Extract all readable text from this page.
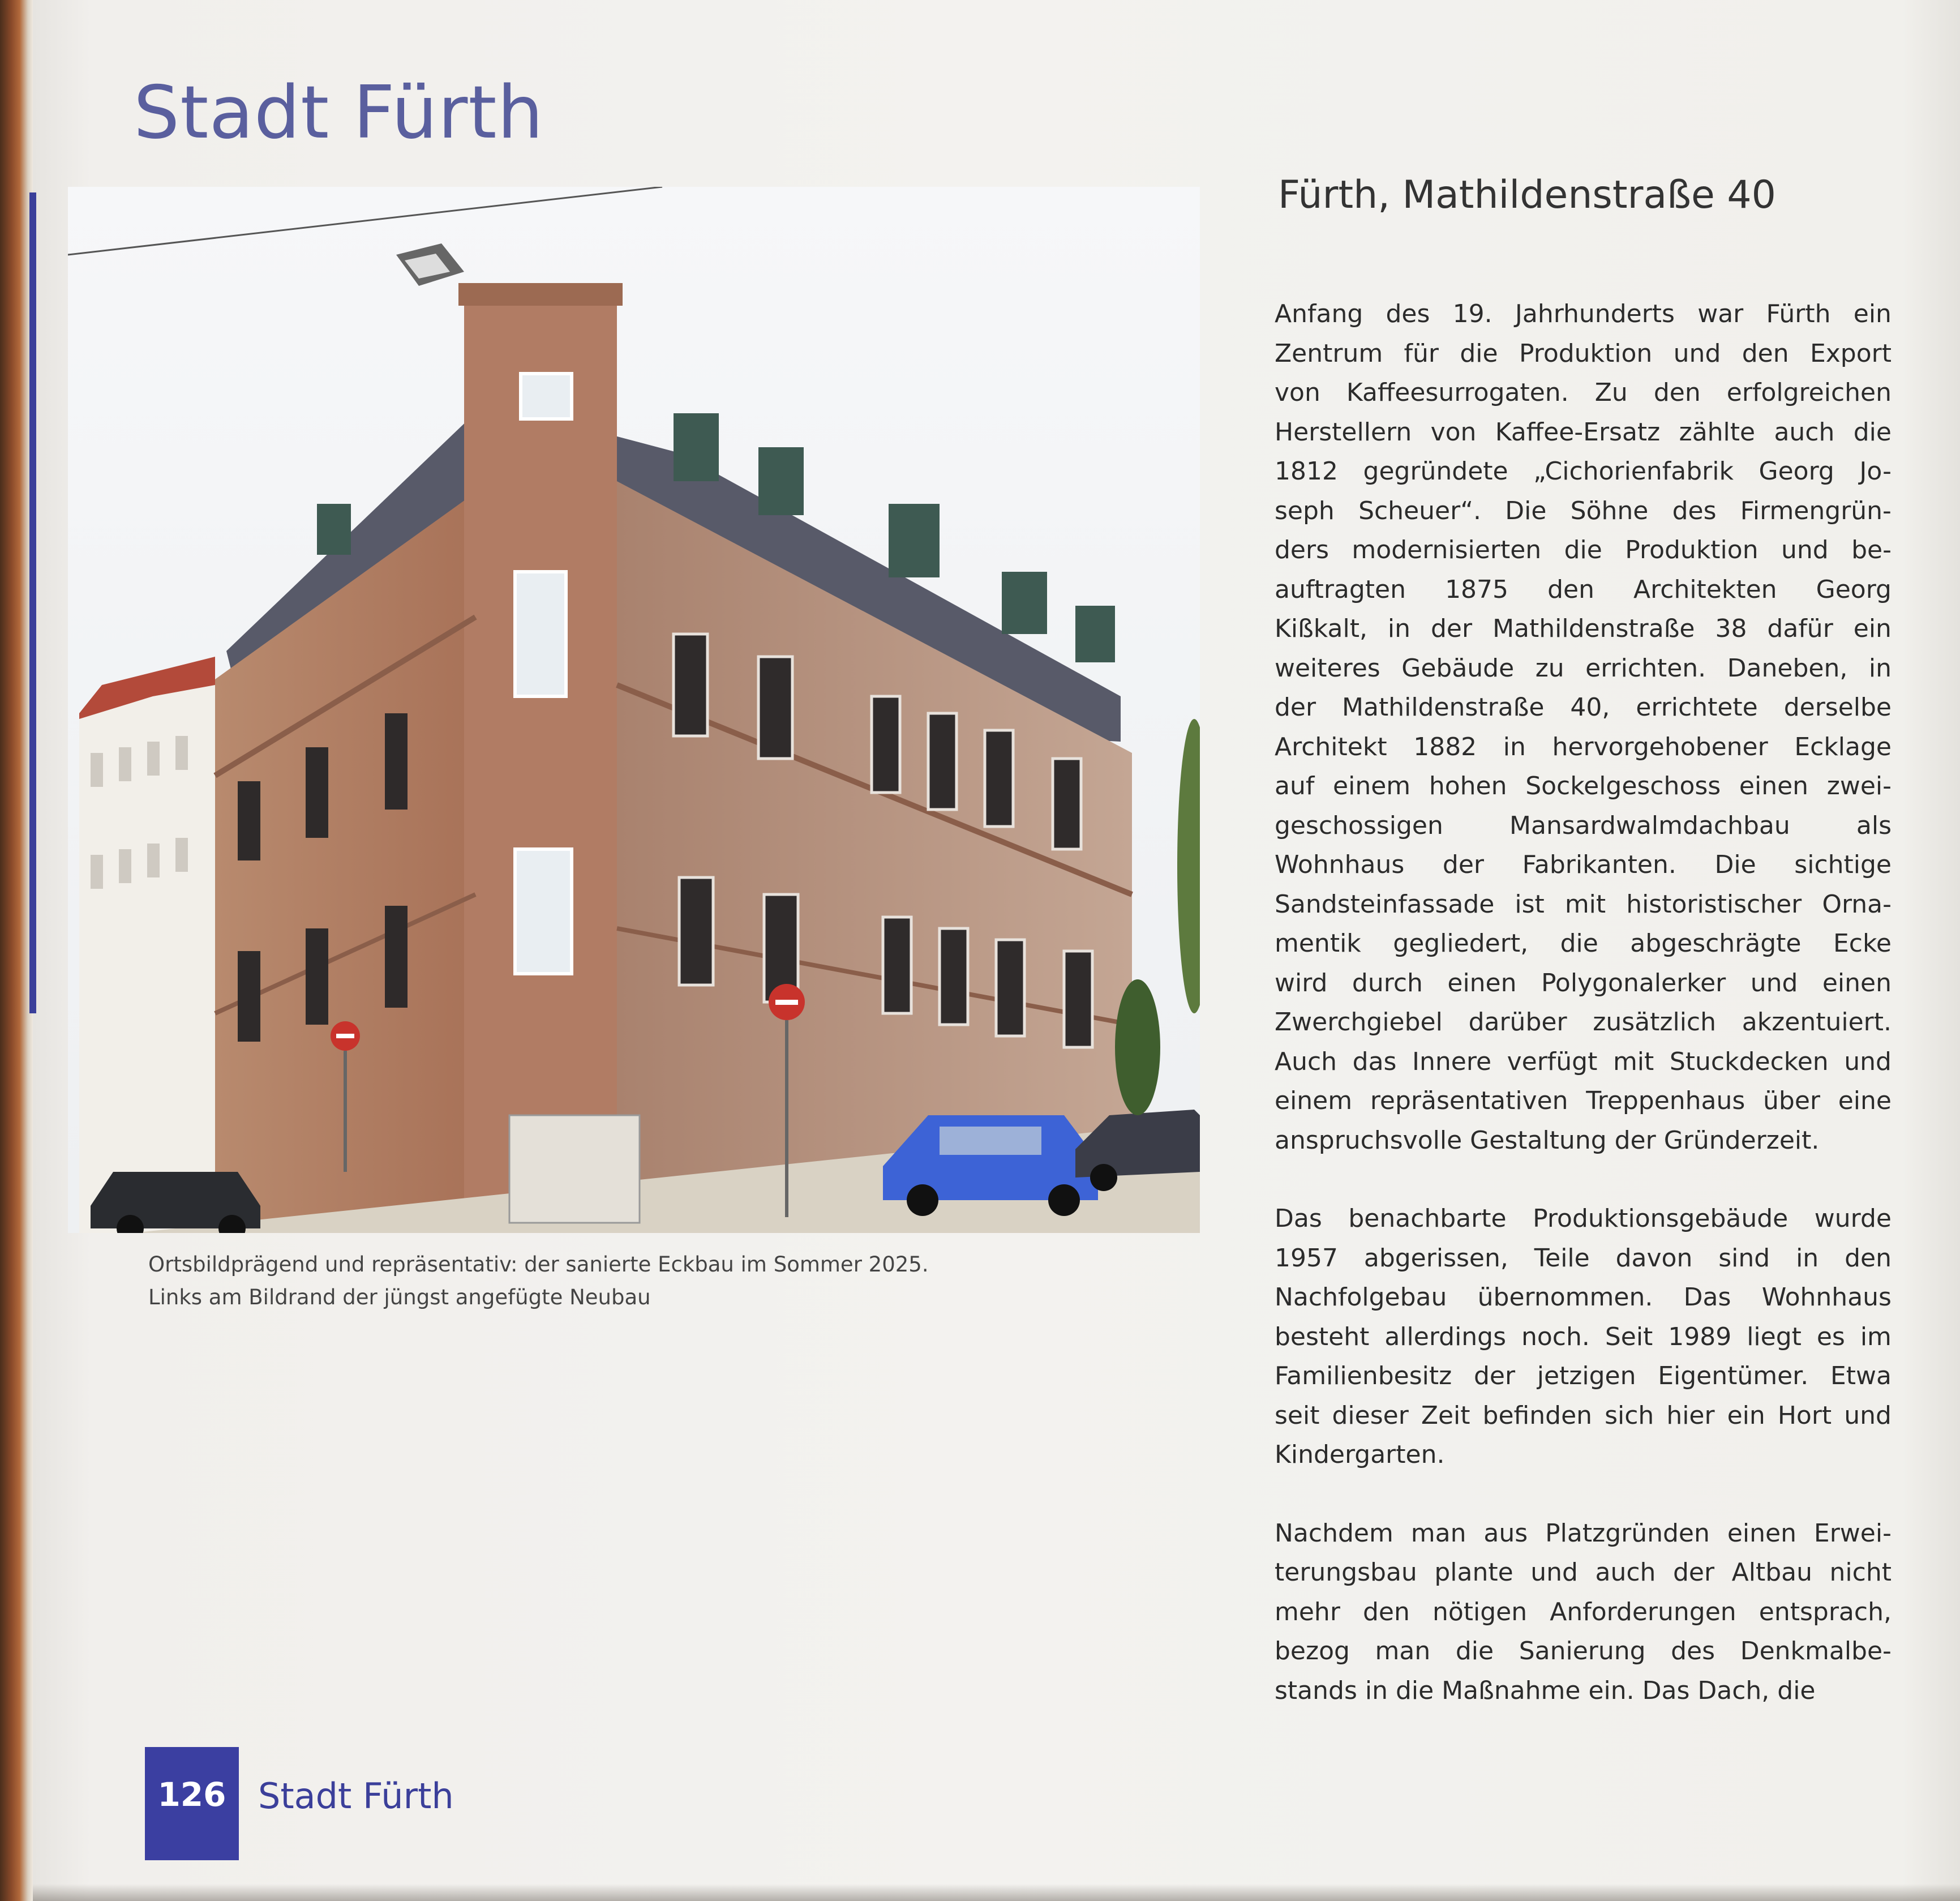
Stadt Fürth
Ortsbildprägend und repräsentativ: der sanierte Eckbau im Sommer 2025.
Links am Bildrand der jüngst angefügte Neubau
Fürth, Mathildenstraße 40
Anfang des 19. Jahrhunderts war Fürth ein
Zentrum für die Produktion und den Export
von Kaffeesurrogaten. Zu den erfolgreichen
Herstellern von Kaffee-Ersatz zählte auch die
1812 gegründete „Cichorienfabrik Georg Jo-
seph Scheuer“. Die Söhne des Firmengrün-
ders modernisierten die Produktion und be-
auftragten 1875 den Architekten Georg
Kißkalt, in der Mathildenstraße 38 dafür ein
weiteres Gebäude zu errichten. Daneben, in
der Mathildenstraße 40, errichtete derselbe
Architekt 1882 in hervorgehobener Ecklage
auf einem hohen Sockelgeschoss einen zwei-
geschossigen	Mansardwalmdachbau	als
Wohnhaus der Fabrikanten. Die sichtige
Sandsteinfassade ist mit historistischer Orna-
mentik gegliedert, die abgeschrägte Ecke
wird durch einen Polygonalerker und einen
Zwerchgiebel darüber zusätzlich akzentuiert.
Auch das Innere verfügt mit Stuckdecken und
einem repräsentativen Treppenhaus über eine
anspruchsvolle Gestaltung der Gründerzeit.
Das benachbarte Produktionsgebäude wurde
1957 abgerissen, Teile davon sind in den
Nachfolgebau übernommen. Das Wohnhaus
besteht allerdings noch. Seit 1989 liegt es im
Familienbesitz der jetzigen Eigentümer. Etwa
seit dieser Zeit befinden sich hier ein Hort und
Kindergarten.
Nachdem man aus Platzgründen einen Erwei-
terungsbau plante und auch der Altbau nicht
mehr den nötigen Anforderungen entsprach,
bezog man die Sanierung des Denkmalbe-
stands in die Maßnahme ein. Das Dach, die
126 Stadt Fürth
